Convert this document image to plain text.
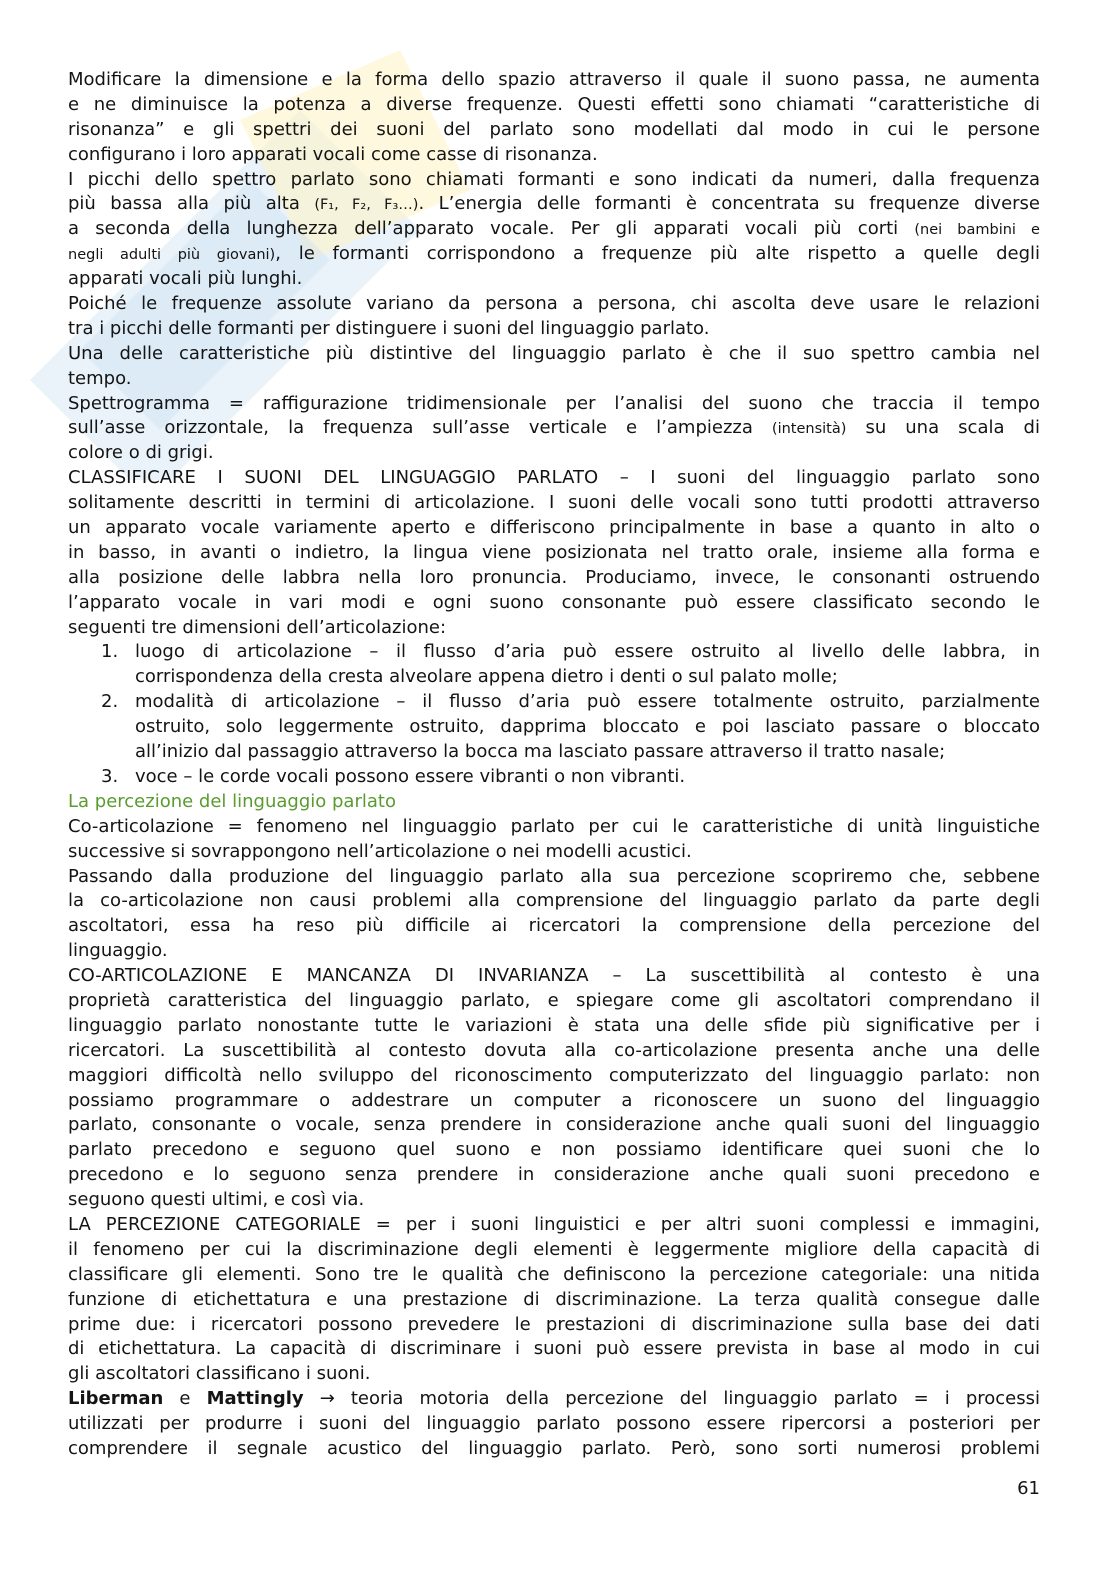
Modificare la dimensione e la forma dello spazio attraverso il quale il suono passa, ne aumenta
e ne diminuisce la potenza a diverse frequenze. Questi effetti sono chiamati “caratteristiche di
risonanza” e gli spettri dei suoni del parlato sono modellati dal modo in cui le persone
configurano i loro apparati vocali come casse di risonanza.
I picchi dello spettro parlato sono chiamati formanti e sono indicati da numeri, dalla frequenza
più bassa alla più alta (F₁, F₂, F₃…). L’energia delle formanti è concentrata su frequenze diverse
a seconda della lunghezza dell’apparato vocale. Per gli apparati vocali più corti (nei bambini e
negli adulti più giovani), le formanti corrispondono a frequenze più alte rispetto a quelle degli
apparati vocali più lunghi.
Poiché le frequenze assolute variano da persona a persona, chi ascolta deve usare le relazioni
tra i picchi delle formanti per distinguere i suoni del linguaggio parlato.
Una delle caratteristiche più distintive del linguaggio parlato è che il suo spettro cambia nel
tempo.
Spettrogramma = raffigurazione tridimensionale per l’analisi del suono che traccia il tempo
sull’asse orizzontale, la frequenza sull’asse verticale e l’ampiezza (intensità) su una scala di
colore o di grigi.
CLASSIFICARE I SUONI DEL LINGUAGGIO PARLATO – I suoni del linguaggio parlato sono
solitamente descritti in termini di articolazione. I suoni delle vocali sono tutti prodotti attraverso
un apparato vocale variamente aperto e differiscono principalmente in base a quanto in alto o
in basso, in avanti o indietro, la lingua viene posizionata nel tratto orale, insieme alla forma e
alla posizione delle labbra nella loro pronuncia. Produciamo, invece, le consonanti ostruendo
l’apparato vocale in vari modi e ogni suono consonante può essere classificato secondo le
seguenti tre dimensioni dell’articolazione:
1. luogo di articolazione – il flusso d’aria può essere ostruito al livello delle labbra, in
corrispondenza della cresta alveolare appena dietro i denti o sul palato molle;
2. modalità di articolazione – il flusso d’aria può essere totalmente ostruito, parzialmente
ostruito, solo leggermente ostruito, dapprima bloccato e poi lasciato passare o bloccato
all’inizio dal passaggio attraverso la bocca ma lasciato passare attraverso il tratto nasale;
3. voce – le corde vocali possono essere vibranti o non vibranti.
La percezione del linguaggio parlato
Co-articolazione = fenomeno nel linguaggio parlato per cui le caratteristiche di unità linguistiche
successive si sovrappongono nell’articolazione o nei modelli acustici.
Passando dalla produzione del linguaggio parlato alla sua percezione scopriremo che, sebbene
la co-articolazione non causi problemi alla comprensione del linguaggio parlato da parte degli
ascoltatori, essa ha reso più difficile ai ricercatori la comprensione della percezione del
linguaggio.
CO-ARTICOLAZIONE E MANCANZA DI INVARIANZA – La suscettibilità al contesto è una
proprietà caratteristica del linguaggio parlato, e spiegare come gli ascoltatori comprendano il
linguaggio parlato nonostante tutte le variazioni è stata una delle sfide più significative per i
ricercatori. La suscettibilità al contesto dovuta alla co-articolazione presenta anche una delle
maggiori difficoltà nello sviluppo del riconoscimento computerizzato del linguaggio parlato: non
possiamo programmare o addestrare un computer a riconoscere un suono del linguaggio
parlato, consonante o vocale, senza prendere in considerazione anche quali suoni del linguaggio
parlato precedono e seguono quel suono e non possiamo identificare quei suoni che lo
precedono e lo seguono senza prendere in considerazione anche quali suoni precedono e
seguono questi ultimi, e così via.
LA PERCEZIONE CATEGORIALE = per i suoni linguistici e per altri suoni complessi e immagini,
il fenomeno per cui la discriminazione degli elementi è leggermente migliore della capacità di
classificare gli elementi. Sono tre le qualità che definiscono la percezione categoriale: una nitida
funzione di etichettatura e una prestazione di discriminazione. La terza qualità consegue dalle
prime due: i ricercatori possono prevedere le prestazioni di discriminazione sulla base dei dati
di etichettatura. La capacità di discriminare i suoni può essere prevista in base al modo in cui
gli ascoltatori classificano i suoni.
Liberman e Mattingly → teoria motoria della percezione del linguaggio parlato = i processi
utilizzati per produrre i suoni del linguaggio parlato possono essere ripercorsi a posteriori per
comprendere il segnale acustico del linguaggio parlato. Però, sono sorti numerosi problemi
61
